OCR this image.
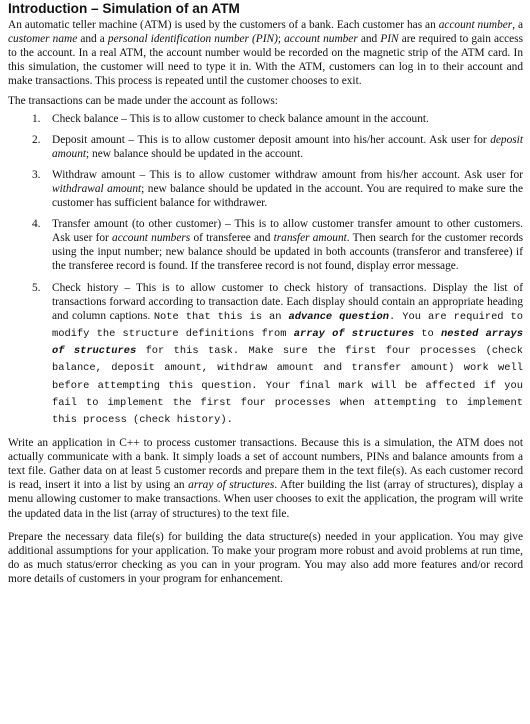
Introduction – Simulation of an ATM

An automatic teller machine (ATM) is used by the customers of a bank. Each customer has an account number, a customer name and a personal identification number (PIN); account number and PIN are required to gain access to the account. In a real ATM, the account number would be recorded on the magnetic strip of the ATM card. In this simulation, the customer will need to type it in. With the ATM, customers can log in to their account and make transactions. This process is repeated until the customer chooses to exit.

The transactions can be made under the account as follows:

1. Check balance – This is to allow customer to check balance amount in the account.
2. Deposit amount – This is to allow customer deposit amount into his/her account. Ask user for deposit amount; new balance should be updated in the account.
3. Withdraw amount – This is to allow customer withdraw amount from his/her account. Ask user for withdrawal amount; new balance should be updated in the account. You are required to make sure the customer has sufficient balance for withdrawer.
4. Transfer amount (to other customer) – This is to allow customer transfer amount to other customers. Ask user for account numbers of transferee and transfer amount. Then search for the customer records using the input number; new balance should be updated in both accounts (transferor and transferee) if the transferee record is found. If the transferee record is not found, display error message.
5. Check history – This is to allow customer to check history of transactions. Display the list of transactions forward according to transaction date. Each display should contain an appropriate heading and column captions. Note that this is an advance question. You are required to modify the structure definitions from array of structures to nested arrays of structures for this task. Make sure the first four processes (check balance, deposit amount, withdraw amount and transfer amount) work well before attempting this question. Your final mark will be affected if you fail to implement the first four processes when attempting to implement this process (check history).

Write an application in C++ to process customer transactions. Because this is a simulation, the ATM does not actually communicate with a bank. It simply loads a set of account numbers, PINs and balance amounts from a text file. Gather data on at least 5 customer records and prepare them in the text file(s). As each customer record is read, insert it into a list by using an array of structures. After building the list (array of structures), display a menu allowing customer to make transactions. When user chooses to exit the application, the program will write the updated data in the list (array of structures) to the text file.

Prepare the necessary data file(s) for building the data structure(s) needed in your application. You may give additional assumptions for your application. To make your program more robust and avoid problems at run time, do as much status/error checking as you can in your program. You may also add more features and/or record more details of customers in your program for enhancement.
